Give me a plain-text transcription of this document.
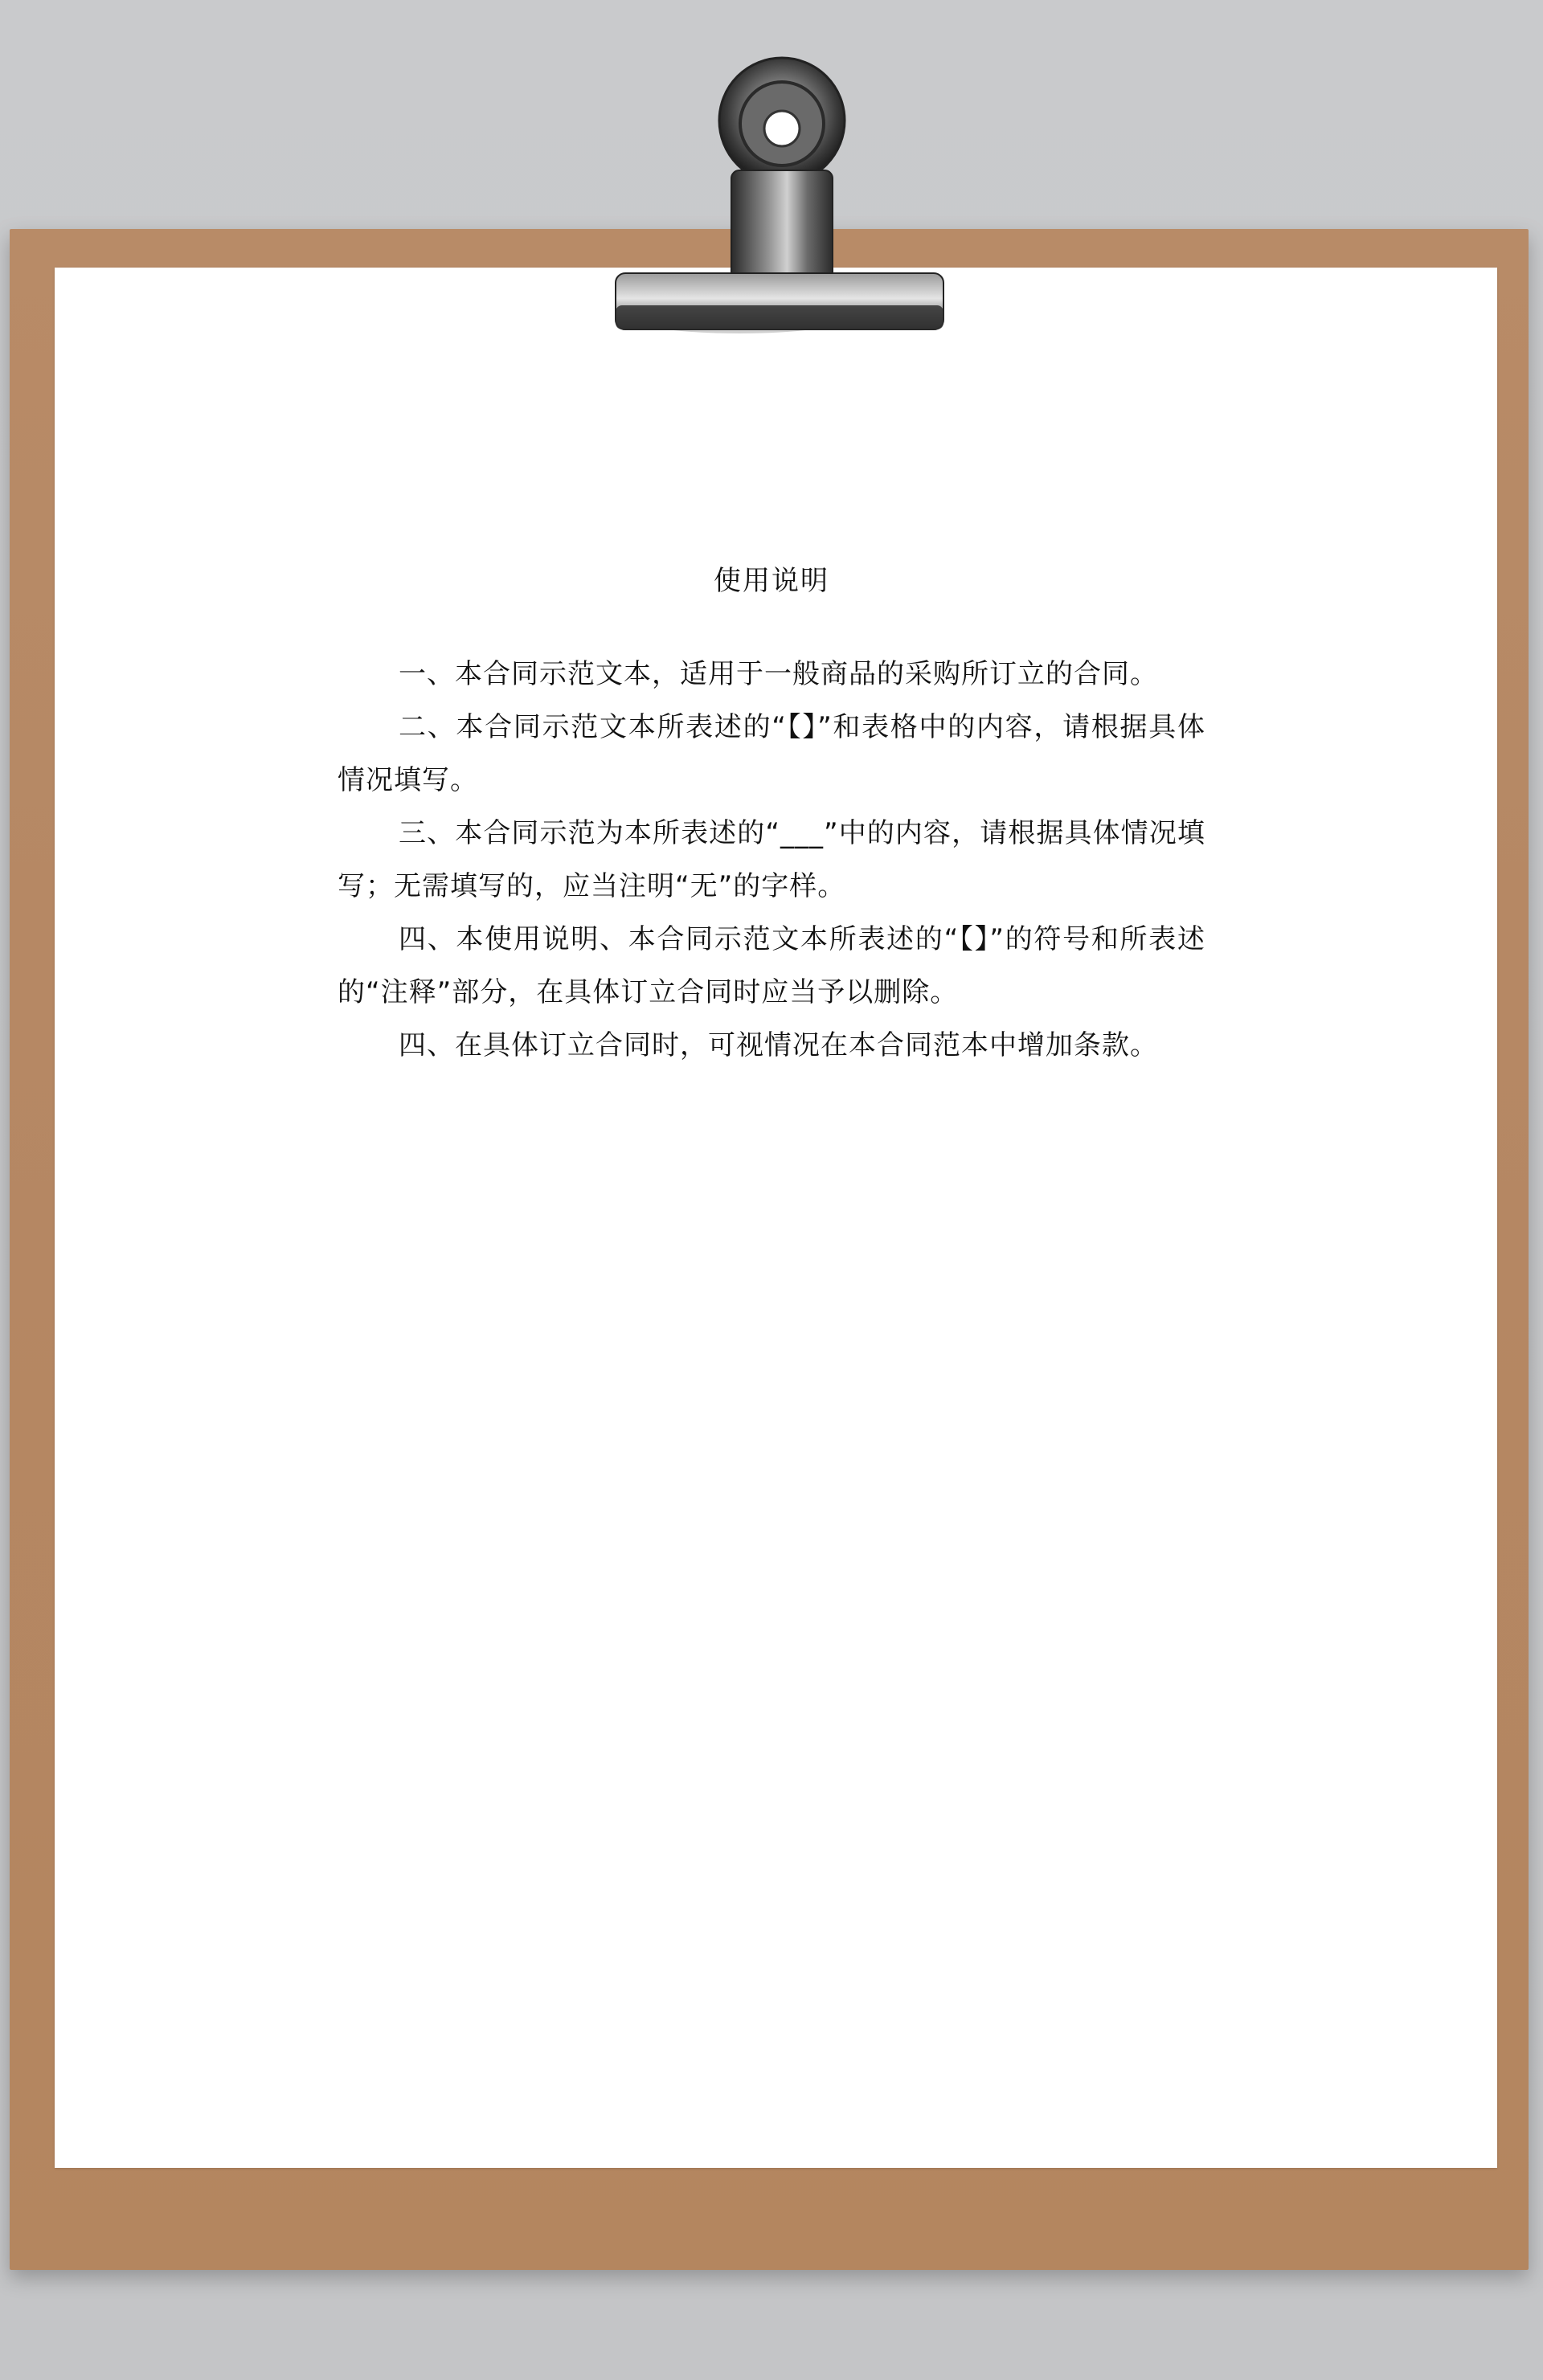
使用说明

一、本合同示范文本，适用于一般商品的采购所订立的合同。

二、本合同示范文本所表述的“【】”和表格中的内容，请根据具体情况填写。

三、本合同示范为本所表述的“___”中的内容，请根据具体情况填写；无需填写的，应当注明“无”的字样。

四、本使用说明、本合同示范文本所表述的“【】”的符号和所表述的“注释”部分，在具体订立合同时应当予以删除。

四、在具体订立合同时，可视情况在本合同范本中增加条款。
